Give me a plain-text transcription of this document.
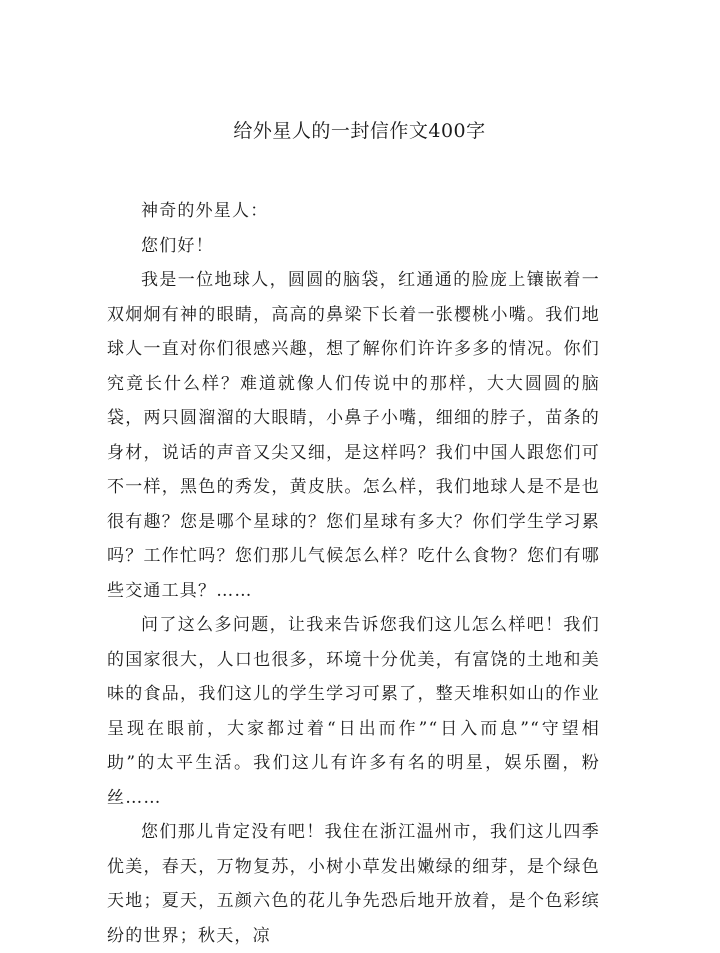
给外星人的一封信作文400字

神奇的外星人：

您们好！

我是一位地球人，圆圆的脑袋，红通通的脸庞上镶嵌着一双炯炯有神的眼睛，高高的鼻梁下长着一张樱桃小嘴。我们地球人一直对你们很感兴趣，想了解你们许许多多的情况。你们究竟长什么样？难道就像人们传说中的那样，大大圆圆的脑袋，两只圆溜溜的大眼睛，小鼻子小嘴，细细的脖子，苗条的身材，说话的声音又尖又细，是这样吗？我们中国人跟您们可不一样，黑色的秀发，黄皮肤。怎么样，我们地球人是不是也很有趣？您是哪个星球的？您们星球有多大？你们学生学习累吗？工作忙吗？您们那儿气候怎么样？吃什么食物？您们有哪些交通工具？……

问了这么多问题，让我来告诉您我们这儿怎么样吧！我们的国家很大，人口也很多，环境十分优美，有富饶的土地和美味的食品，我们这儿的学生学习可累了，整天堆积如山的作业呈现在眼前，大家都过着“日出而作”“日入而息”“守望相助”的太平生活。我们这儿有许多有名的明星，娱乐圈，粉丝……

您们那儿肯定没有吧！我住在浙江温州市，我们这儿四季优美，春天，万物复苏，小树小草发出嫩绿的细芽，是个绿色天地；夏天，五颜六色的花儿争先恐后地开放着，是个色彩缤纷的世界；秋天，凉
